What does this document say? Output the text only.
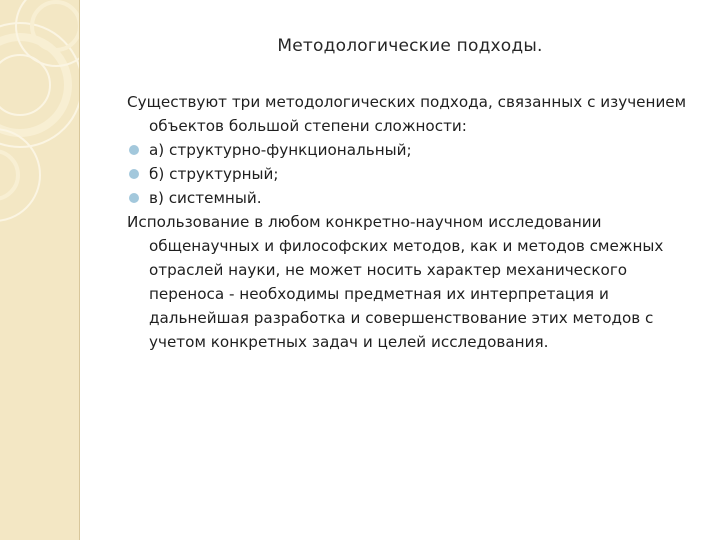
Методологические подходы.

Существуют три методологических подхода, связанных с изучением объектов большой степени сложности:

а) структурно-функциональный;
б) структурный;
в) системный.

Использование в любом конкретно-научном исследовании общенаучных и философских методов, как и методов смежных отраслей науки, не может носить характер механического переноса - необходимы предметная их интерпретация и дальнейшая разработка и совершенствование этих методов с учетом конкретных задач и целей исследования.
